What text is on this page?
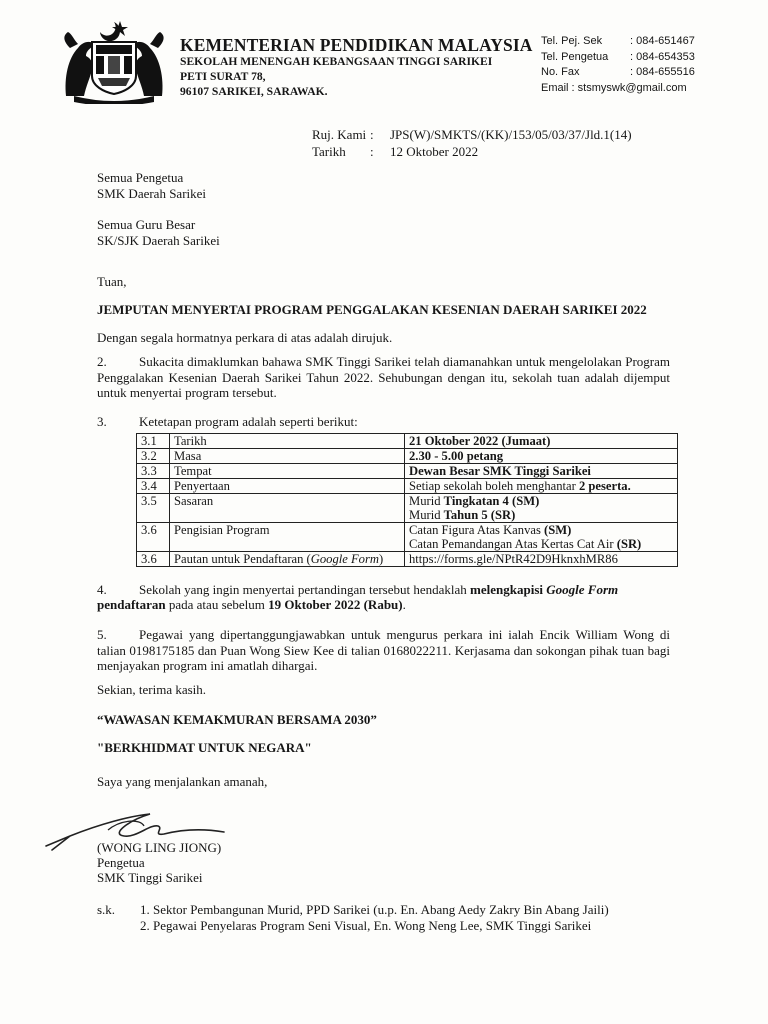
KEMENTERIAN PENDIDIKAN MALAYSIA
SEKOLAH MENENGAH KEBANGSAAN TINGGI SARIKEI
PETI SURAT 78,
96107 SARIKEI, SARAWAK.
Tel. Pej. Sek	: 084-651467
Tel. Pengetua : 084-654353
No. Fax	: 084-655516
Email : stsmyswk@gmail.com
Ruj. Kami : JPS(W)/SMKTS/(KK)/153/05/03/37/Jld.1(14)
Tarikh : 12 Oktober 2022
Semua Pengetua
SMK Daerah Sarikei
Semua Guru Besar
SK/SJK Daerah Sarikei
Tuan,
JEMPUTAN MENYERTAI PROGRAM PENGGALAKAN KESENIAN DAERAH SARIKEI 2022
Dengan segala hormatnya perkara di atas adalah dirujuk.
2.	Sukacita dimaklumkan bahawa SMK Tinggi Sarikei telah diamanahkan untuk mengelolakan Program Penggalakan Kesenian Daerah Sarikei Tahun 2022. Sehubungan dengan itu, sekolah tuan adalah dijemput untuk menyertai program tersebut.
3. Ketetapan program adalah seperti berikut:
3.1	Tarikh	21 Oktober 2022 (Jumaat)
3.2	Masa	2.30 - 5.00 petang
3.3	Tempat	Dewan Besar SMK Tinggi Sarikei
3.4	Penyertaan	Setiap sekolah boleh menghantar 2 peserta.
3.5	Sasaran	Murid Tingkatan 4 (SM)
Murid Tahun 5 (SR)

3.6	Pengisian Program	Catan Figura Atas Kanvas (SM)
Catan Pemandangan Atas Kertas Cat Air (SR)

3.6	Pautan untuk Pendaftaran (Google Form)	https://forms.gle/NPtR42D9HknxhMR86
4. Sekolah yang ingin menyertai pertandingan tersebut hendaklah melengkapisi Google Form
pendaftaran pada atau sebelum 19 Oktober 2022 (Rabu).
5.	Pegawai yang dipertanggungjawabkan untuk mengurus perkara ini ialah Encik William Wong di talian 0198175185 dan Puan Wong Siew Kee di talian 0168022211. Kerjasama dan sokongan pihak tuan bagi menjayakan program ini amatlah dihargai.
Sekian, terima kasih.
“WAWASAN KEMAKMURAN BERSAMA 2030”
"BERKHIDMAT UNTUK NEGARA"
Saya yang menjalankan amanah,
(WONG LING JIONG)
Pengetua
SMK Tinggi Sarikei
s.k. 1. Sektor Pembangunan Murid, PPD Sarikei (u.p. En. Abang Aedy Zakry Bin Abang Jaili)
2. Pegawai Penyelaras Program Seni Visual, En. Wong Neng Lee, SMK Tinggi Sarikei
